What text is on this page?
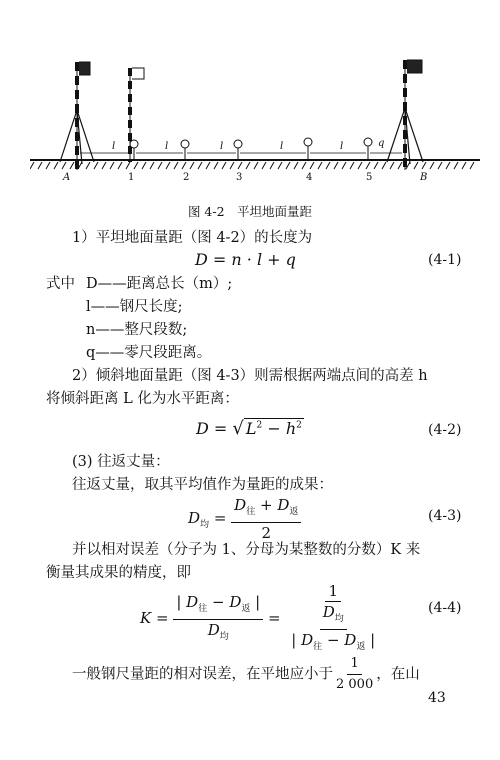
l	l	l	l	l	q
A	1	2	3	4	5	B
图 4-2　平坦地面量距
1）平坦地面量距（图 4-2）的长度为
D = n · l + q	(4-1)
式中 D——距离总长（m）;
l——钢尺长度;
n——整尺段数;
q——零尺段距离。
2）倾斜地面量距（图 4-3）则需根据两端点间的高差 h
将倾斜距离 L 化为水平距离：
D = √ $L^2 - h^2$	(4-2)
(3) 往返丈量：
往返丈量，取其平均值作为量距的成果：
$D_均 = \frac{D_往 + D_返}{2}$	(4-3)
并以相对误差（分子为 1、分母为某整数的分数）K 来
衡量其成果的精度，即
$K = \frac{| D_往 - D_返 |}{D_均} = \frac{1}{\frac{D_均}{| D_往 - D_返 |}}$	(4-4)
一般钢尺量距的相对误差，在平地应小于 $\frac{1}{2 000}$ ，在山
43
